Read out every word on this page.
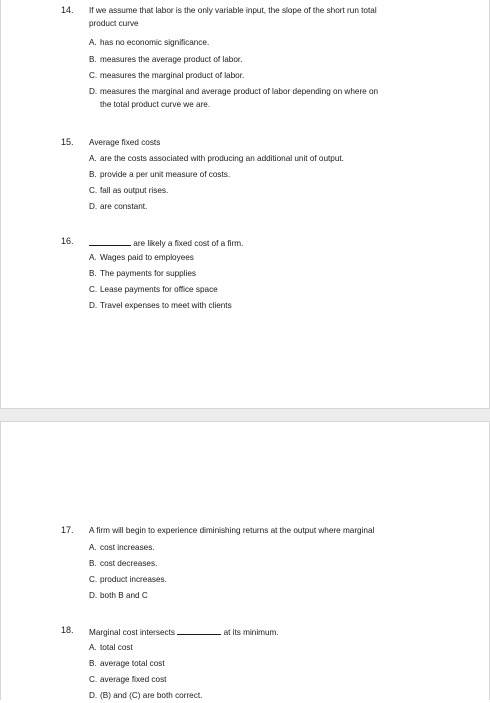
14. If we assume that labor is the only variable input, the slope of the short run total
product curve
A. has no economic significance.
B. measures the average product of labor.
C. measures the marginal product of labor.
D. measures the marginal and average product of labor depending on where on
the total product curve we are.
15. Average fixed costs
A. are the costs associated with producing an additional unit of output.
B. provide a per unit measure of costs.
C. fall as output rises.
D. are constant.
16.	are likely a fixed cost of a firm.
A. Wages paid to employees
B. The payments for supplies
C. Lease payments for office space
D. Travel expenses to meet with clients
17. A firm will begin to experience diminishing returns at the output where marginal
A. cost increases.
B. cost decreases.
C. product increases.
D. both B and C
18. Marginal cost intersects	at its minimum.
A. total cost
B. average total cost
C. average fixed cost
D. (B) and (C) are both correct.
